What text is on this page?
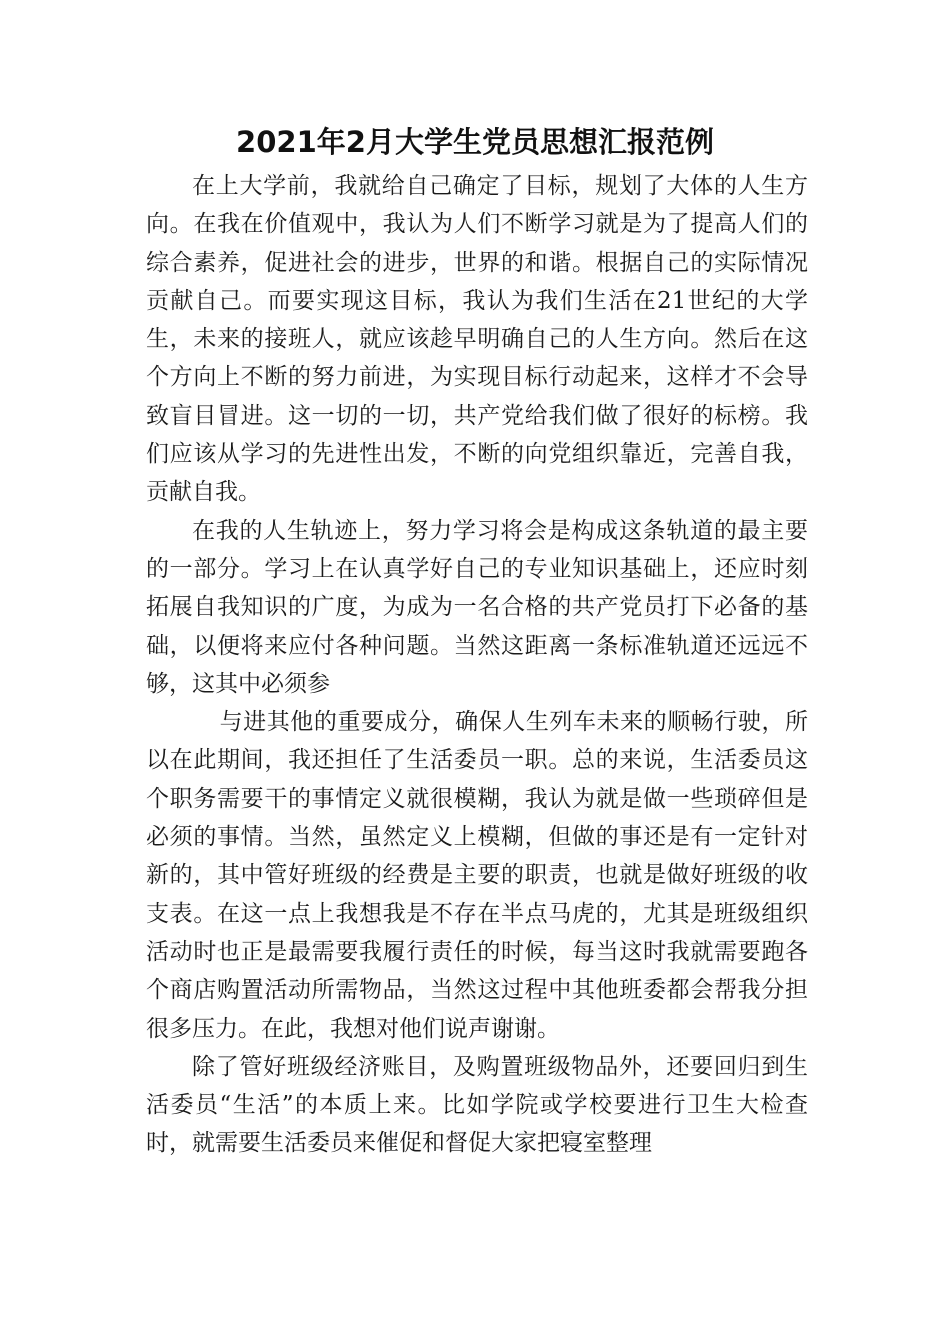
2021年2月大学生党员思想汇报范例

在上大学前，我就给自己确定了目标，规划了大体的人生方向。在我在价值观中，我认为人们不断学习就是为了提高人们的综合素养，促进社会的进步，世界的和谐。根据自己的实际情况贡献自己。而要实现这目标，我认为我们生活在21世纪的大学生，未来的接班人，就应该趁早明确自己的人生方向。然后在这个方向上不断的努力前进，为实现目标行动起来，这样才不会导致盲目冒进。这一切的一切，共产党给我们做了很好的标榜。我们应该从学习的先进性出发，不断的向党组织靠近，完善自我，贡献自我。

在我的人生轨迹上，努力学习将会是构成这条轨道的最主要的一部分。学习上在认真学好自己的专业知识基础上，还应时刻拓展自我知识的广度，为成为一名合格的共产党员打下必备的基础，以便将来应付各种问题。当然这距离一条标准轨道还远远不够，这其中必须参

与进其他的重要成分，确保人生列车未来的顺畅行驶，所以在此期间，我还担任了生活委员一职。总的来说，生活委员这个职务需要干的事情定义就很模糊，我认为就是做一些琐碎但是必须的事情。当然，虽然定义上模糊，但做的事还是有一定针对新的，其中管好班级的经费是主要的职责，也就是做好班级的收支表。在这一点上我想我是不存在半点马虎的，尤其是班级组织活动时也正是最需要我履行责任的时候，每当这时我就需要跑各个商店购置活动所需物品，当然这过程中其他班委都会帮我分担很多压力。在此，我想对他们说声谢谢。

除了管好班级经济账目，及购置班级物品外，还要回归到生活委员“生活”的本质上来。比如学院或学校要进行卫生大检查时，就需要生活委员来催促和督促大家把寝室整理
